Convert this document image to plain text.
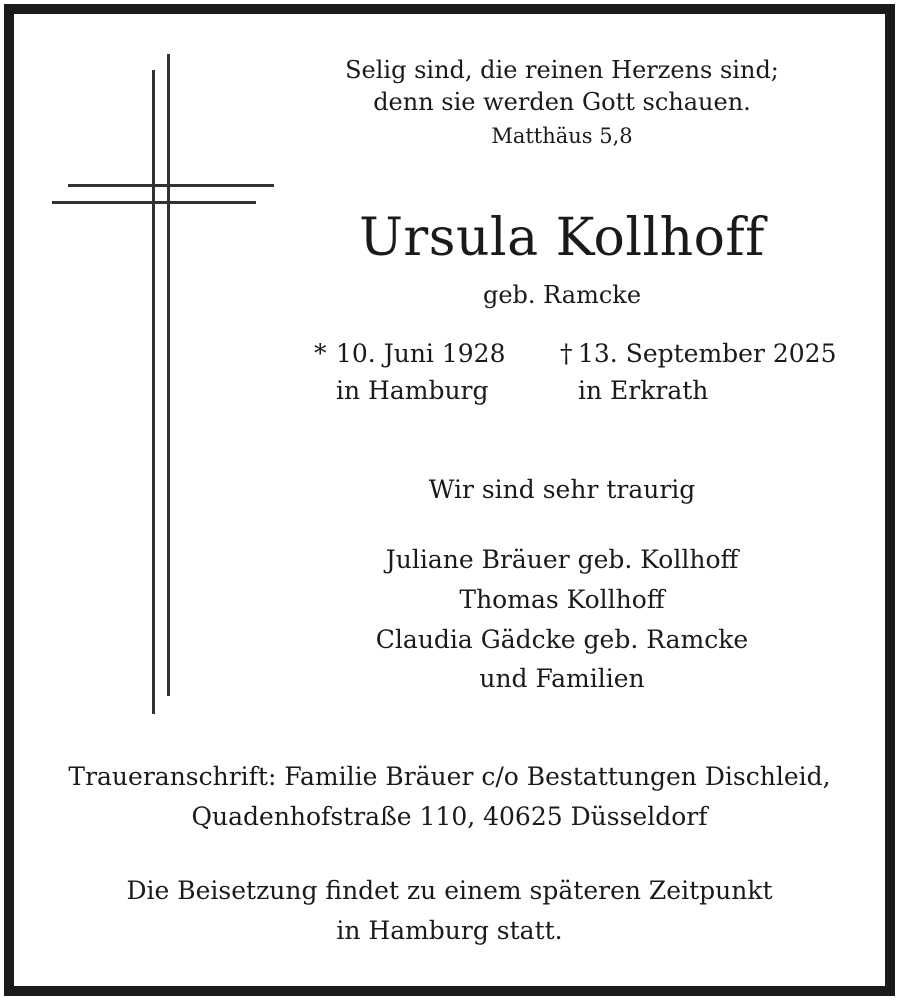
Selig sind, die reinen Herzens sind;
denn sie werden Gott schauen.
Matthäus 5,8
Ursula Kollhoff
geb. Ramcke
* 10. Juni 1928
in Hamburg
† 13. September 2025
in Erkrath
Wir sind sehr traurig
Juliane Bräuer geb. Kollhoff
Thomas Kollhoff
Claudia Gädcke geb. Ramcke
und Familien
Traueranschrift: Familie Bräuer c/o Bestattungen Dischleid,
Quadenhofstraße 110, 40625 Düsseldorf
Die Beisetzung findet zu einem späteren Zeitpunkt
in Hamburg statt.
